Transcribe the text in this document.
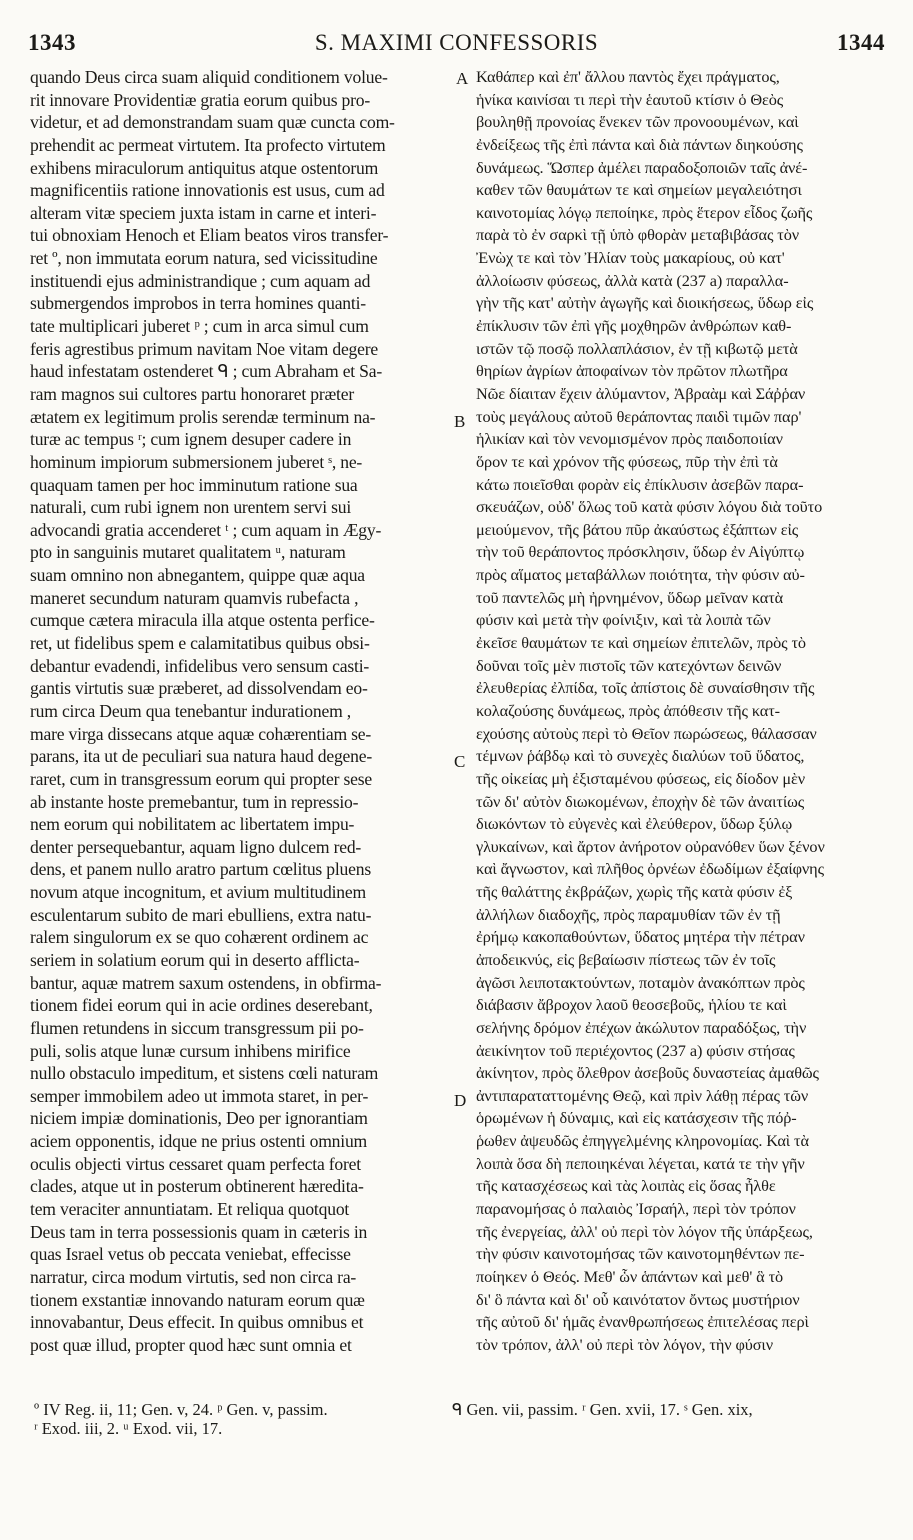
1343	S. MAXIMI CONFESSORIS	1344
quando Deus circa suam aliquid conditionem volue-
rit innovare Providentiæ gratia eorum quibus pro-
videtur, et ad demonstrandam suam quæ cuncta com-
prehendit ac permeat virtutem. Ita profecto virtutem
exhibens miraculorum antiquitus atque ostentorum
magnificentiis ratione innovationis est usus, cum ad
alteram vitæ speciem juxta istam in carne et interi-
tui obnoxiam Henoch et Eliam beatos viros transfer-
ret º, non immutata eorum natura, sed vicissitudine
instituendi ejus administrandique ; cum aquam ad
submergendos improbos in terra homines quanti-
tate multiplicari juberet ᵖ ; cum in arca simul cum
feris agrestibus primum navitam Noe vitam degere
haud infestatam ostenderet ᑫ ; cum Abraham et Sa-
ram magnos sui cultores partu honoraret præter
ætatem ex legitimum prolis serendæ terminum na-
turæ ac tempus ʳ; cum ignem desuper cadere in
hominum impiorum submersionem juberet ˢ, ne-
quaquam tamen per hoc imminutum ratione sua
naturali, cum rubi ignem non urentem servi sui
advocandi gratia accenderet ᵗ ; cum aquam in Ægy-
pto in sanguinis mutaret qualitatem ᵘ, naturam
suam omnino non abnegantem, quippe quæ aqua
maneret secundum naturam quamvis rubefacta ,
cumque cætera miracula illa atque ostenta perfice-
ret, ut fidelibus spem e calamitatibus quibus obsi-
debantur evadendi, infidelibus vero sensum casti-
gantis virtutis suæ præberet, ad dissolvendam eo-
rum circa Deum qua tenebantur indurationem ,
mare virga dissecans atque aquæ cohærentiam se-
parans, ita ut de peculiari sua natura haud degene-
raret, cum in transgressum eorum qui propter sese
ab instante hoste premebantur, tum in repressio-
nem eorum qui nobilitatem ac libertatem impu-
denter persequebantur, aquam ligno dulcem red-
dens, et panem nullo aratro partum cœlitus pluens
novum atque incognitum, et avium multitudinem
esculentarum subito de mari ebulliens, extra natu-
ralem singulorum ex se quo cohærent ordinem ac
seriem in solatium eorum qui in deserto afflicta-
bantur, aquæ matrem saxum ostendens, in obfirma-
tionem fidei eorum qui in acie ordines deserebant,
flumen retundens in siccum transgressum pii po-
puli, solis atque lunæ cursum inhibens mirifice
nullo obstaculo impeditum, et sistens cœli naturam
semper immobilem adeo ut immota staret, in per-
niciem impiæ dominationis, Deo per ignorantiam
aciem opponentis, idque ne prius ostenti omnium
oculis objecti virtus cessaret quam perfecta foret
clades, atque ut in posterum obtinerent hæredita-
tem veraciter annuntiatam. Et reliqua quotquot
Deus tam in terra possessionis quam in cæteris in
quas Israel vetus ob peccata veniebat, effecisse
narratur, circa modum virtutis, sed non circa ra-
tionem exstantiæ innovando naturam eorum quæ
innovabantur, Deus effecit. In quibus omnibus et
post quæ illud, propter quod hæc sunt omnia et
Καθάπερ καὶ ἐπ' ἄλλου παντὸς ἔχει πράγματος,
ἡνίκα καινίσαι τι περὶ τὴν ἑαυτοῦ κτίσιν ὁ Θεὸς
βουληθῇ προνοίας ἕνεκεν τῶν προνοουμένων, καὶ
ἐνδείξεως τῆς ἐπὶ πάντα καὶ διὰ πάντων διηκούσης
δυνάμεως. Ὥσπερ ἀμέλει παραδοξοποιῶν ταῖς ἀνέ-
καθεν τῶν θαυμάτων τε καὶ σημείων μεγαλειότησι
καινοτομίας λόγῳ πεποίηκε, πρὸς ἕτερον εἶδος ζωῆς
παρὰ τὸ ἐν σαρκὶ τῇ ὑπὸ φθορὰν μεταβιβάσας τὸν
Ἐνὼχ τε καὶ τὸν Ἠλίαν τοὺς μακαρίους, οὐ κατ'
ἀλλοίωσιν φύσεως, ἀλλὰ κατὰ (237 a) παραλλα-
γὴν τῆς κατ' αὐτὴν ἀγωγῆς καὶ διοικήσεως, ὕδωρ εἰς
ἐπίκλυσιν τῶν ἐπὶ γῆς μοχθηρῶν ἀνθρώπων καθ-
ιστῶν τῷ ποσῷ πολλαπλάσιον, ἐν τῇ κιβωτῷ μετὰ
θηρίων ἀγρίων ἀποφαίνων τὸν πρῶτον πλωτῆρα
Νῶε δίαιταν ἔχειν ἀλύμαντον, Ἀβραὰμ καὶ Σάῤῥαν
τοὺς μεγάλους αὐτοῦ θεράποντας παιδὶ τιμῶν παρ'
ἡλικίαν καὶ τὸν νενομισμένον πρὸς παιδοποιίαν
ὅρον τε καὶ χρόνον τῆς φύσεως, πῦρ τὴν ἐπὶ τὰ
κάτω ποιεῖσθαι φορὰν εἰς ἐπίκλυσιν ἀσεβῶν παρα-
σκευάζων, οὐδ' ὅλως τοῦ κατὰ φύσιν λόγου διὰ τοῦτο
μειούμενον, τῆς βάτου πῦρ ἀκαύστως ἐξάπτων εἰς
τὴν τοῦ θεράποντος πρόσκλησιν, ὕδωρ ἐν Αἰγύπτῳ
πρὸς αἵματος μεταβάλλων ποιότητα, τὴν φύσιν αὐ-
τοῦ παντελῶς μὴ ἠρνημένον, ὕδωρ μεῖναν κατὰ
φύσιν καὶ μετὰ τὴν φοίνιξιν, καὶ τὰ λοιπὰ τῶν
ἐκεῖσε θαυμάτων τε καὶ σημείων ἐπιτελῶν, πρὸς τὸ
δοῦναι τοῖς μὲν πιστοῖς τῶν κατεχόντων δεινῶν
ἐλευθερίας ἐλπίδα, τοῖς ἀπίστοις δὲ συναίσθησιν τῆς
κολαζούσης δυνάμεως, πρὸς ἀπόθεσιν τῆς κατ-
εχούσης αὐτοὺς περὶ τὸ Θεῖον πωρώσεως, θάλασσαν
τέμνων ῥάβδῳ καὶ τὸ συνεχὲς διαλύων τοῦ ὕδατος,
τῆς οἰκείας μὴ ἐξισταμένου φύσεως, εἰς δίοδον μὲν
τῶν δι' αὐτὸν διωκομένων, ἐποχὴν δὲ τῶν ἀναιτίως
διωκόντων τὸ εὐγενὲς καὶ ἐλεύθερον, ὕδωρ ξύλῳ
γλυκαίνων, καὶ ἄρτον ἀνήροτον οὐρανόθεν ὕων ξένον
καὶ ἄγνωστον, καὶ πλῆθος ὀρνέων ἐδωδίμων ἐξαίφνης
τῆς θαλάττης ἐκβράζων, χωρὶς τῆς κατὰ φύσιν ἐξ
ἀλλήλων διαδοχῆς, πρὸς παραμυθίαν τῶν ἐν τῇ
ἐρήμῳ κακοπαθούντων, ὕδατος μητέρα τὴν πέτραν
ἀποδεικνύς, εἰς βεβαίωσιν πίστεως τῶν ἐν τοῖς
ἀγῶσι λειποτακτούντων, ποταμὸν ἀνακόπτων πρὸς
διάβασιν ἄβροχον λαοῦ θεοσεβοῦς, ἡλίου τε καὶ
σελήνης δρόμον ἐπέχων ἀκώλυτον παραδόξως, τὴν
ἀεικίνητον τοῦ περιέχοντος (237 a) φύσιν στήσας
ἀκίνητον, πρὸς ὄλεθρον ἀσεβοῦς δυναστείας ἀμαθῶς
ἀντιπαραταττομένης Θεῷ, καὶ πρὶν λάθῃ πέρας τῶν
ὁρωμένων ἡ δύναμις, καὶ εἰς κατάσχεσιν τῆς πόῤ-
ῥωθεν ἀψευδῶς ἐπηγγελμένης κληρονομίας. Καὶ τὰ
λοιπὰ ὅσα δὴ πεποιηκέναι λέγεται, κατά τε τὴν γῆν
τῆς κατασχέσεως καὶ τὰς λοιπὰς εἰς ὅσας ἦλθε
παρανομήσας ὁ παλαιὸς Ἰσραήλ, περὶ τὸν τρόπον
τῆς ἐνεργείας, ἀλλ' οὐ περὶ τὸν λόγον τῆς ὑπάρξεως,
τὴν φύσιν καινοτομήσας τῶν καινοτομηθέντων πε-
ποίηκεν ὁ Θεός. Μεθ' ὧν ἁπάντων καὶ μεθ' ἃ τὸ
δι' ὃ πάντα καὶ δι' οὗ καινότατον ὄντως μυστήριον
τῆς αὐτοῦ δι' ἡμᾶς ἐνανθρωπήσεως ἐπιτελέσας περὶ
τὸν τρόπον, ἀλλ' οὐ περὶ τὸν λόγον, τὴν φύσιν
A
B
C
D
º IV Reg. ii, 11; Gen. v, 24. ᵖ Gen. v, passim.
ʳ Exod. iii, 2. ᵘ Exod. vii, 17.
ᑫ Gen. vii, passim. ʳ Gen. xvii, 17. ˢ Gen. xix,
